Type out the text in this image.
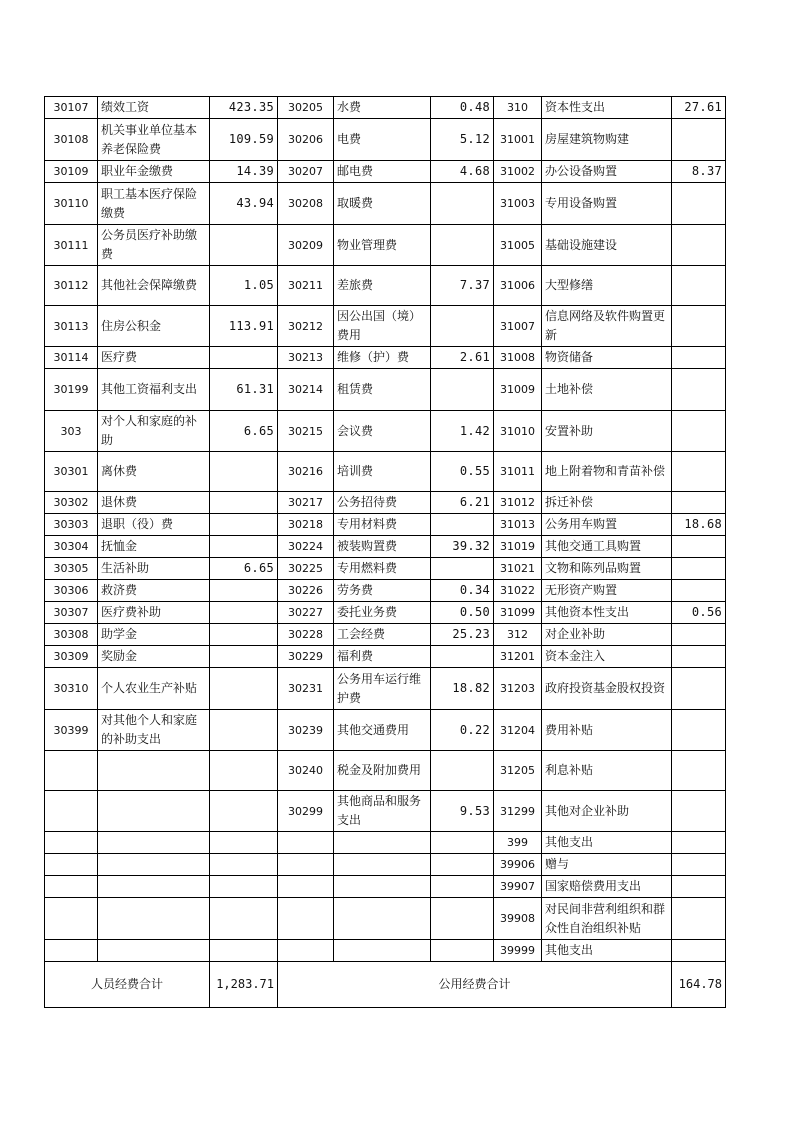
30107	绩效工资	423.35	30205	水费	0.48	310	资本性支出	27.61
30108	机关事业单位基本养老保险费	109.59	30206	电费	5.12	31001	房屋建筑物购建	
30109	职业年金缴费	14.39	30207	邮电费	4.68	31002	办公设备购置	8.37
30110	职工基本医疗保险缴费	43.94	30208	取暖费		31003	专用设备购置	
30111	公务员医疗补助缴费		30209	物业管理费		31005	基础设施建设	
30112	其他社会保障缴费	1.05	30211	差旅费	7.37	31006	大型修缮	
30113	住房公积金	113.91	30212	因公出国（境）费用		31007	信息网络及软件购置更新	
30114	医疗费		30213	维修（护）费	2.61	31008	物资储备	
30199	其他工资福利支出	61.31	30214	租赁费		31009	土地补偿	
303	对个人和家庭的补助	6.65	30215	会议费	1.42	31010	安置补助	
30301	离休费		30216	培训费	0.55	31011	地上附着物和青苗补偿	
30302	退休费		30217	公务招待费	6.21	31012	拆迁补偿	
30303	退职（役）费		30218	专用材料费		31013	公务用车购置	18.68
30304	抚恤金		30224	被装购置费	39.32	31019	其他交通工具购置	
30305	生活补助	6.65	30225	专用燃料费		31021	文物和陈列品购置	
30306	救济费		30226	劳务费	0.34	31022	无形资产购置	
30307	医疗费补助		30227	委托业务费	0.50	31099	其他资本性支出	0.56
30308	助学金		30228	工会经费	25.23	312	对企业补助	
30309	奖励金		30229	福利费		31201	资本金注入	
30310	个人农业生产补贴		30231	公务用车运行维护费	18.82	31203	政府投资基金股权投资	
30399	对其他个人和家庭的补助支出		30239	其他交通费用	0.22	31204	费用补贴	
			30240	税金及附加费用		31205	利息补贴	
			30299	其他商品和服务支出	9.53	31299	其他对企业补助	
						399	其他支出	
						39906	赠与	
						39907	国家赔偿费用支出	
						39908	对民间非营利组织和群众性自治组织补贴	
						39999	其他支出	
人员经费合计		1,283.71	公用经费合计					164.78
